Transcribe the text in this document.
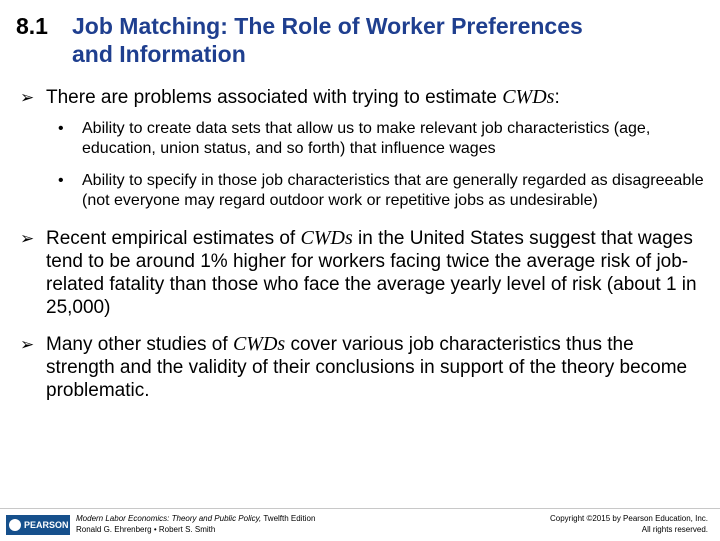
8.1 Job Matching: The Role of Worker Preferences
and Information
➢ There are problems associated with trying to estimate CWDs:
• Ability to create data sets that allow us to make relevant job characteristics (age, education, union status, and so forth) that influence wages
• Ability to specify in those job characteristics that are generally regarded as disagreeable (not everyone may regard outdoor work or repetitive jobs as undesirable)
➢ Recent empirical estimates of CWDs in the United States suggest that wages tend to be around 1% higher for workers facing twice the average risk of job-related fatality than those who face the average yearly level of risk (about 1 in 25,000)
➢ Many other studies of CWDs cover various job characteristics thus the strength and the validity of their conclusions in support of the theory become problematic.
PEARSON
Modern Labor Economics: Theory and Public Policy, Twelfth Edition
Ronald G. Ehrenberg • Robert S. Smith
Copyright ©2015 by Pearson Education, Inc.
All rights reserved.
